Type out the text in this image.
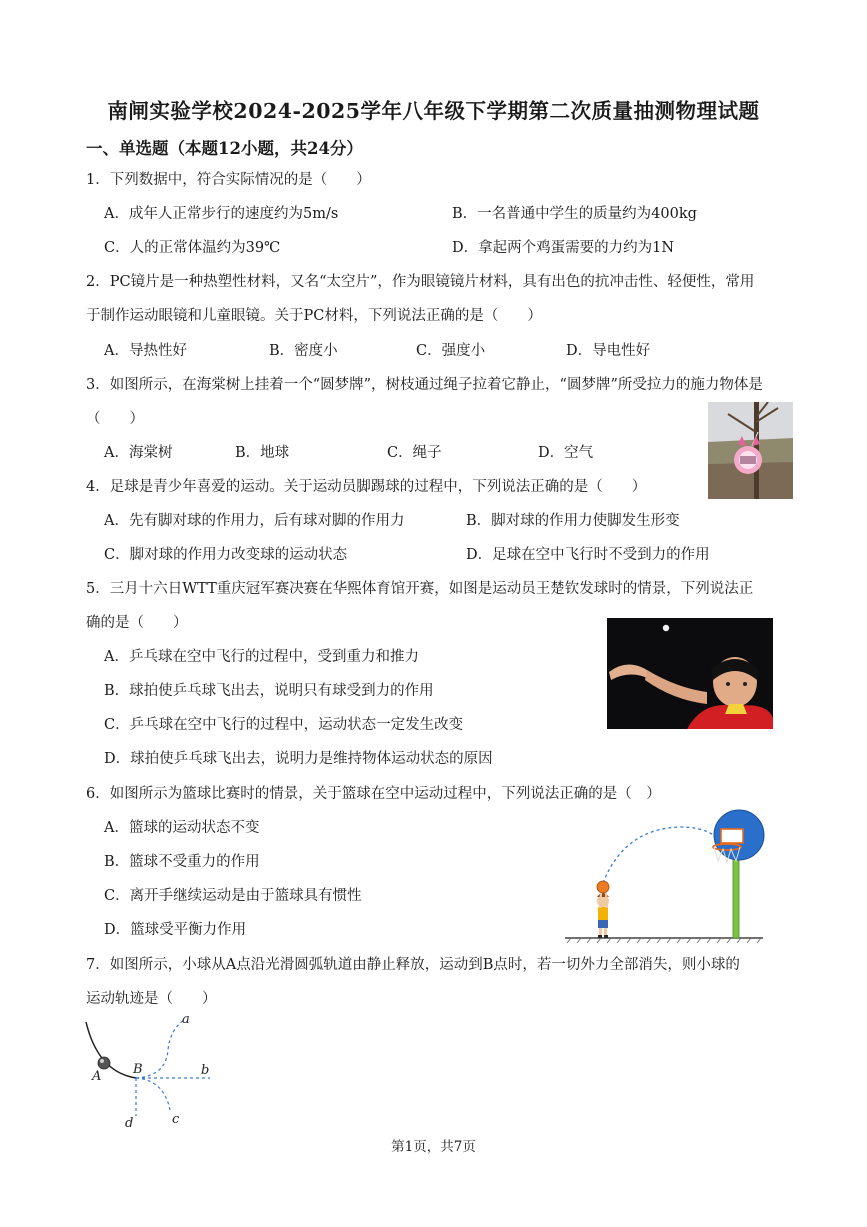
南闸实验学校2024-2025学年八年级下学期第二次质量抽测物理试题
一、单选题（本题12小题，共24分）
1．下列数据中，符合实际情况的是（　　）
A．成年人正常步行的速度约为5m/s	B．一名普通中学生的质量约为400kg
C．人的正常体温约为39℃	D．拿起两个鸡蛋需要的力约为1N
2．PC镜片是一种热塑性材料，又名“太空片”，作为眼镜镜片材料，具有出色的抗冲击性、轻便性，常用
于制作运动眼镜和儿童眼镜。关于PC材料，下列说法正确的是（　　）
A．导热性好	B．密度小	C．强度小	D．导电性好
3．如图所示，在海棠树上挂着一个“圆梦牌”，树枝通过绳子拉着它静止，“圆梦牌”所受拉力的施力物体是
（　　）
A．海棠树	B．地球	C．绳子	D．空气
4．足球是青少年喜爱的运动。关于运动员脚踢球的过程中，下列说法正确的是（　　）
A．先有脚对球的作用力，后有球对脚的作用力	B．脚对球的作用力使脚发生形变
C．脚对球的作用力改变球的运动状态	D．足球在空中飞行时不受到力的作用
5．三月十六日WTT重庆冠军赛决赛在华熙体育馆开赛，如图是运动员王楚钦发球时的情景，下列说法正
确的是（　　）
A．乒乓球在空中飞行的过程中，受到重力和推力
B．球拍使乒乓球飞出去，说明只有球受到力的作用
C．乒乓球在空中飞行的过程中，运动状态一定发生改变
D．球拍使乒乓球飞出去，说明力是维持物体运动状态的原因
6．如图所示为篮球比赛时的情景，关于篮球在空中运动过程中，下列说法正确的是（　）
A．篮球的运动状态不变
B．篮球不受重力的作用
C．离开手继续运动是由于篮球具有惯性
D．篮球受平衡力作用
7．如图所示，小球从A点沿光滑圆弧轨道由静止释放，运动到B点时，若一切外力全部消失，则小球的
运动轨迹是（　　）
a
b
c
d
A B
第1页，共7页
